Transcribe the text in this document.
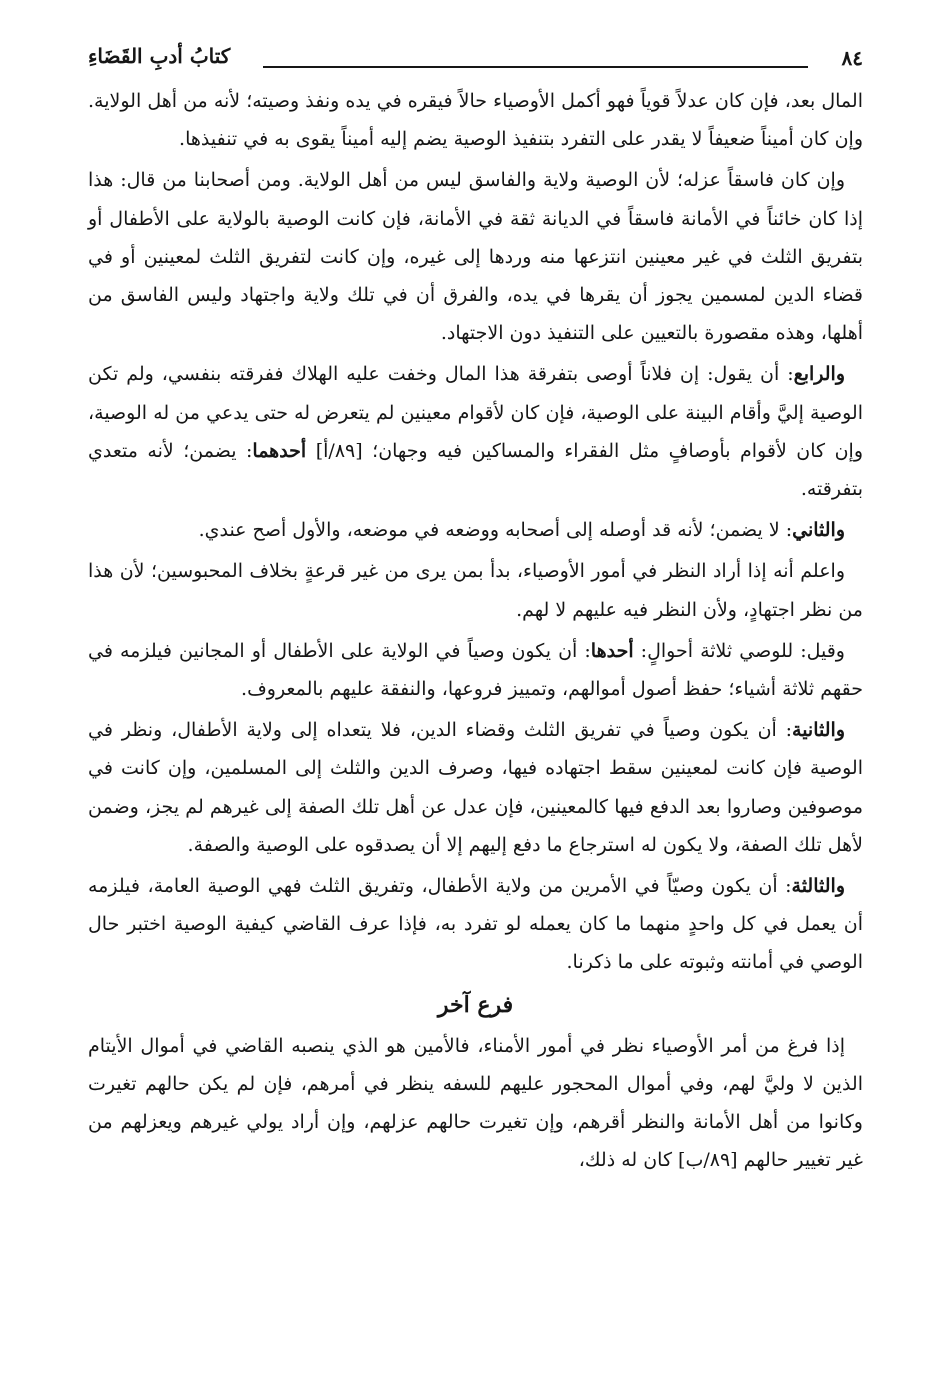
٨٤
كتابُ أدبِ القَضَاءِ

المال بعد، فإن كان عدلاً قوياً فهو أكمل الأوصياء حالاً فيقره في يده ونفذ وصيته؛ لأنه من أهل الولاية. وإن كان أميناً ضعيفاً لا يقدر على التفرد بتنفيذ الوصية يضم إليه أميناً يقوى به في تنفيذها.

وإن كان فاسقاً عزله؛ لأن الوصية ولاية والفاسق ليس من أهل الولاية. ومن أصحابنا من قال: هذا إذا كان خائناً في الأمانة فاسقاً في الديانة ثقة في الأمانة، فإن كانت الوصية بالولاية على الأطفال أو بتفريق الثلث في غير معينين انتزعها منه وردها إلى غيره، وإن كانت لتفريق الثلث لمعينين أو في قضاء الدين لمسمين يجوز أن يقرها في يده، والفرق أن في تلك ولاية واجتهاد وليس الفاسق من أهلها، وهذه مقصورة بالتعيين على التنفيذ دون الاجتهاد.

والرابع: أن يقول: إن فلاناً أوصى بتفرقة هذا المال وخفت عليه الهلاك ففرقته بنفسي، ولم تكن الوصية إليَّ وأقام البينة على الوصية، فإن كان لأقوام معينين لم يتعرض له حتى يدعي من له الوصية، وإن كان لأقوام بأوصافٍ مثل الفقراء والمساكين فيه وجهان؛ [٨٩/أ] أحدهما: يضمن؛ لأنه متعدي بتفرقته.

والثاني: لا يضمن؛ لأنه قد أوصله إلى أصحابه ووضعه في موضعه، والأول أصح عندي.

واعلم أنه إذا أراد النظر في أمور الأوصياء، بدأ بمن يرى من غير قرعةٍ بخلاف المحبوسين؛ لأن هذا من نظر اجتهادٍ، ولأن النظر فيه عليهم لا لهم.

وقيل: للوصي ثلاثة أحوالٍ: أحدها: أن يكون وصياً في الولاية على الأطفال أو المجانين فيلزمه في حقهم ثلاثة أشياء؛ حفظ أصول أموالهم، وتمييز فروعها، والنفقة عليهم بالمعروف.

والثانية: أن يكون وصياً في تفريق الثلث وقضاء الدين، فلا يتعداه إلى ولاية الأطفال، ونظر في الوصية فإن كانت لمعينين سقط اجتهاده فيها، وصرف الدين والثلث إلى المسلمين، وإن كانت في موصوفين وصاروا بعد الدفع فيها كالمعينين، فإن عدل عن أهل تلك الصفة إلى غيرهم لم يجز، وضمن لأهل تلك الصفة، ولا يكون له استرجاع ما دفع إليهم إلا أن يصدقوه على الوصية والصفة.

والثالثة: أن يكون وصيّاً في الأمرين من ولاية الأطفال، وتفريق الثلث فهي الوصية العامة، فيلزمه أن يعمل في كل واحدٍ منهما ما كان يعمله لو تفرد به، فإذا عرف القاضي كيفية الوصية اختبر حال الوصي في أمانته وثبوته على ما ذكرنا.

فرع آخر

إذا فرغ من أمر الأوصياء نظر في أمور الأمناء، فالأمين هو الذي ينصبه القاضي في أموال الأيتام الذين لا وليَّ لهم، وفي أموال المحجور عليهم للسفه ينظر في أمرهم، فإن لم يكن حالهم تغيرت وكانوا من أهل الأمانة والنظر أقرهم، وإن تغيرت حالهم عزلهم، وإن أراد يولي غيرهم ويعزلهم من غير تغيير حالهم [٨٩/ب] كان له ذلك،
